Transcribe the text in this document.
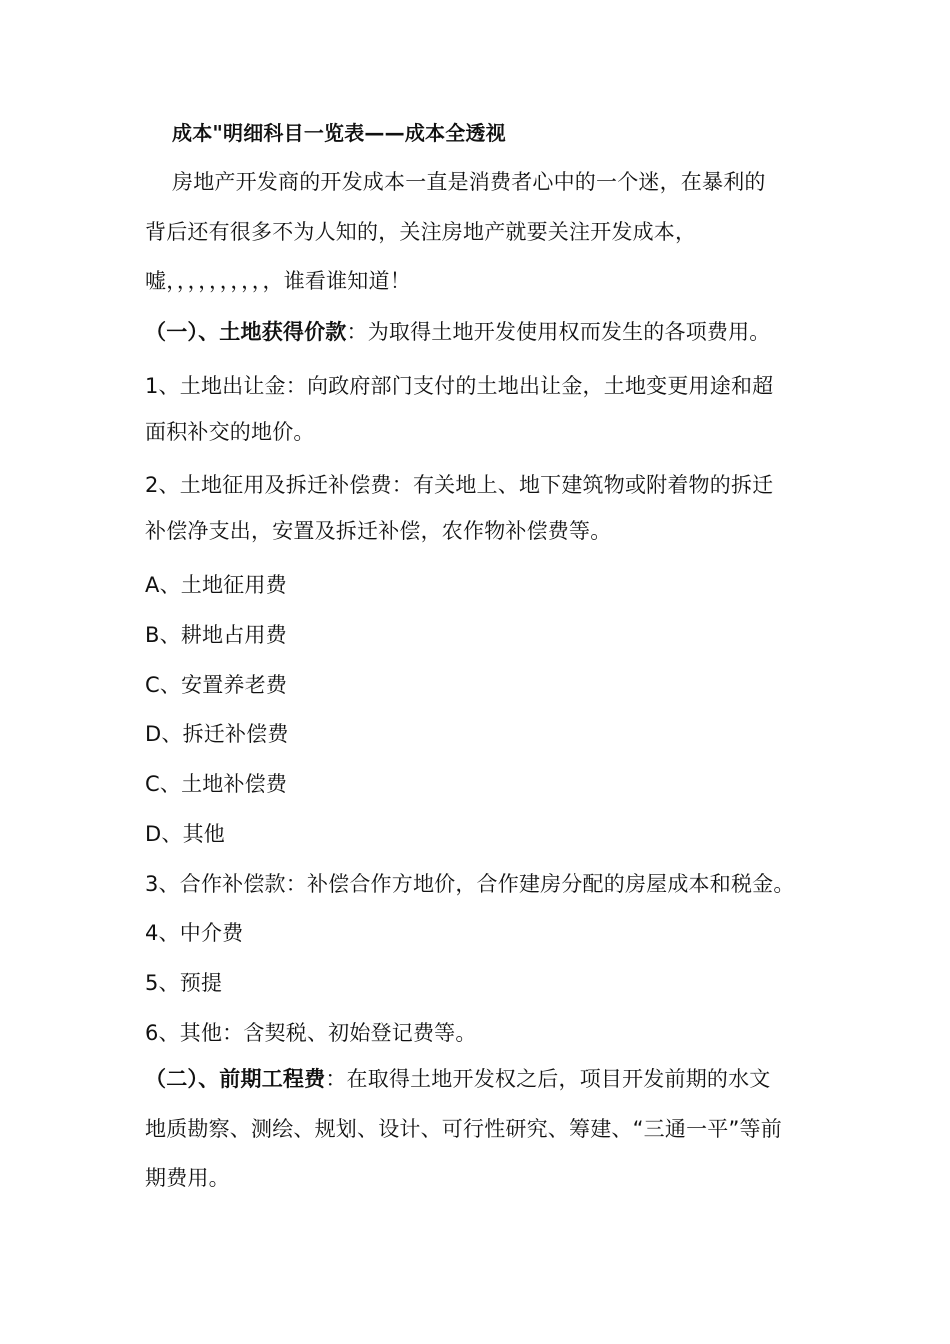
成本"明细科目一览表——成本全透视
房地产开发商的开发成本一直是消费者心中的一个迷，在暴利的
背后还有很多不为人知的，关注房地产就要关注开发成本，
嘘，，，，，，，，，，谁看谁知道！
（一）、土地获得价款：为取得土地开发使用权而发生的各项费用。
1、土地出让金：向政府部门支付的土地出让金，土地变更用途和超
面积补交的地价。
2、土地征用及拆迁补偿费：有关地上、地下建筑物或附着物的拆迁
补偿净支出，安置及拆迁补偿，农作物补偿费等。
A、土地征用费
B、耕地占用费
C、安置养老费
D、拆迁补偿费
C、土地补偿费
D、其他
3、合作补偿款：补偿合作方地价，合作建房分配的房屋成本和税金。
4、中介费
5、预提
6、其他：含契税、初始登记费等。
（二）、前期工程费：在取得土地开发权之后，项目开发前期的水文
地质勘察、测绘、规划、设计、可行性研究、筹建、“三通一平”等前
期费用。
